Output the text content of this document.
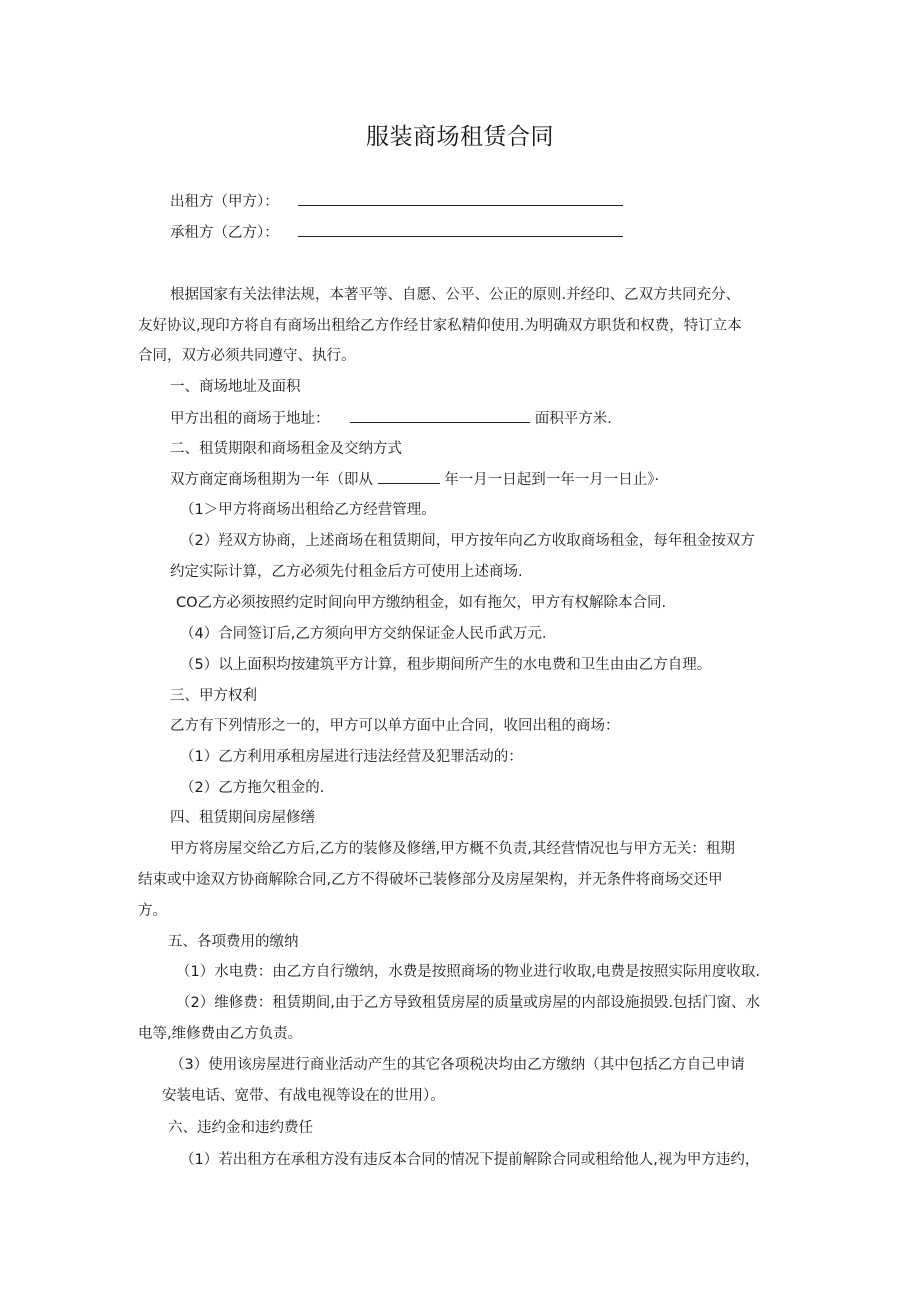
服装商场租赁合同
出租方（甲方）：
承租方（乙方）：
根据国家有关法律法规，本著平等、自愿、公平、公正的原则.并经印、乙双方共同充分、
友好协议,现印方将自有商场出租给乙方作经甘家私精仰使用.为明确双方职货和权费，特订立本
合同，双方必须共同遵守、执行。
一、商场地址及面积
甲方出租的商场于地址：	面积平方米.
二、租赁期限和商场租金及交纳方式
双方商定商场租期为一年（即从	年一月一日起到一年一月一日止》·
（1＞甲方将商场出租给乙方经营管理。
（2）羟双方协商，上述商场在租赁期间，甲方按年向乙方收取商场租金，每年租金按双方
约定实际计算，乙方必须先付租金后方可使用上述商场.
CO乙方必须按照约定时间向甲方缴纳租金，如有拖欠，甲方有权解除本合同.
（4）合同签订后,乙方须向甲方交纳保证金人民币武万元.
（5）以上面积均按建筑平方计算，租步期间所产生的水电费和卫生由由乙方自理。
三、甲方权利
乙方有下列情形之一的，甲方可以单方面中止合同，收回出租的商场：
（1）乙方利用承租房屋进行违法经营及犯罪活动的：
（2）乙方拖欠租金的.
四、租赁期间房屋修缮
甲方将房屋交给乙方后,乙方的装修及修缮,甲方概不负责,其经营情况也与甲方无关：租期
结束或中途双方协商解除合同,乙方不得破坏己装修部分及房屋架构，并无条件将商场交还甲
方。
五、各项费用的缴纳
（1）水电费：由乙方自行缴纳，水费是按照商场的物业进行收取,电费是按照实际用度收取.
（2）维修费：租赁期间,由于乙方导致租赁房屋的质量或房屋的内部设施损毁.包括门窗、水
电等,维修费由乙方负责。
（3）使用该房屋进行商业活动产生的其它各项税决均由乙方缴纳（其中包括乙方自己申请
安装电话、宽带、有战电视等设在的世用）。
六、违约金和违约费任
（1）若出租方在承租方没有违反本合同的情况下提前解除合同或租给他人,视为甲方违约，
